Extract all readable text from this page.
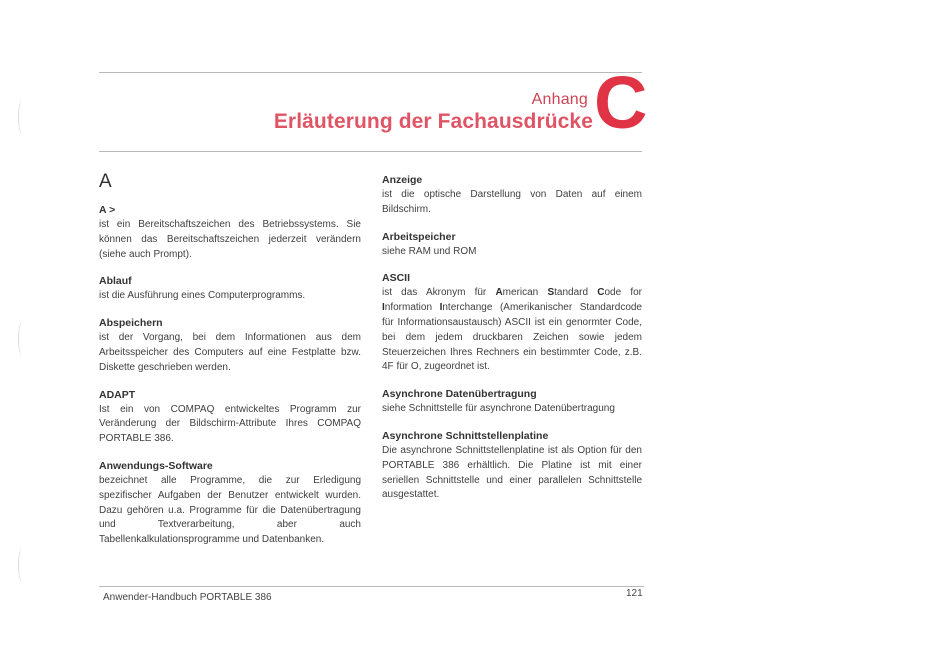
Anhang
Erläuterung der Fachausdrücke C
A

A >

ist ein Bereitschaftszeichen des Betriebssystems. Sie können das Bereitschaftszeichen jederzeit verändern (siehe auch Prompt).

Ablauf

ist die Ausführung eines Computerprogramms.

Abspeichern

ist der Vorgang, bei dem Informationen aus dem Arbeitsspeicher des Computers auf eine Festplatte bzw. Diskette geschrieben werden.

ADAPT

Ist ein von COMPAQ entwickeltes Programm zur Veränderung der Bildschirm-Attribute Ihres COMPAQ PORTABLE 386.

Anwendungs-Software

bezeichnet alle Programme, die zur Erledigung spezifischer Aufgaben der Benutzer entwickelt wurden. Dazu gehören u.a. Programme für die Datenübertragung und Textverarbeitung, aber auch Tabellenkalkulationsprogramme und Datenbanken.

Anzeige

ist die optische Darstellung von Daten auf einem Bildschirm.

Arbeitspeicher

siehe RAM und ROM

ASCII

ist das Akronym für American Standard Code for Information Interchange (Amerikanischer Standardcode für Informationsaustausch) ASCII ist ein genormter Code, bei dem jedem druckbaren Zeichen sowie jedem Steuerzeichen Ihres Rechners ein bestimmter Code, z.B. 4F für O, zugeordnet ist.

Asynchrone Datenübertragung

siehe Schnittstelle für asynchrone Datenübertragung

Asynchrone Schnittstellenplatine

Die asynchrone Schnittstellenplatine ist als Option für den PORTABLE 386 erhältlich. Die Platine ist mit einer seriellen Schnittstelle und einer parallelen Schnittstelle ausgestattet.

Anwender-Handbuch PORTABLE 386	121
